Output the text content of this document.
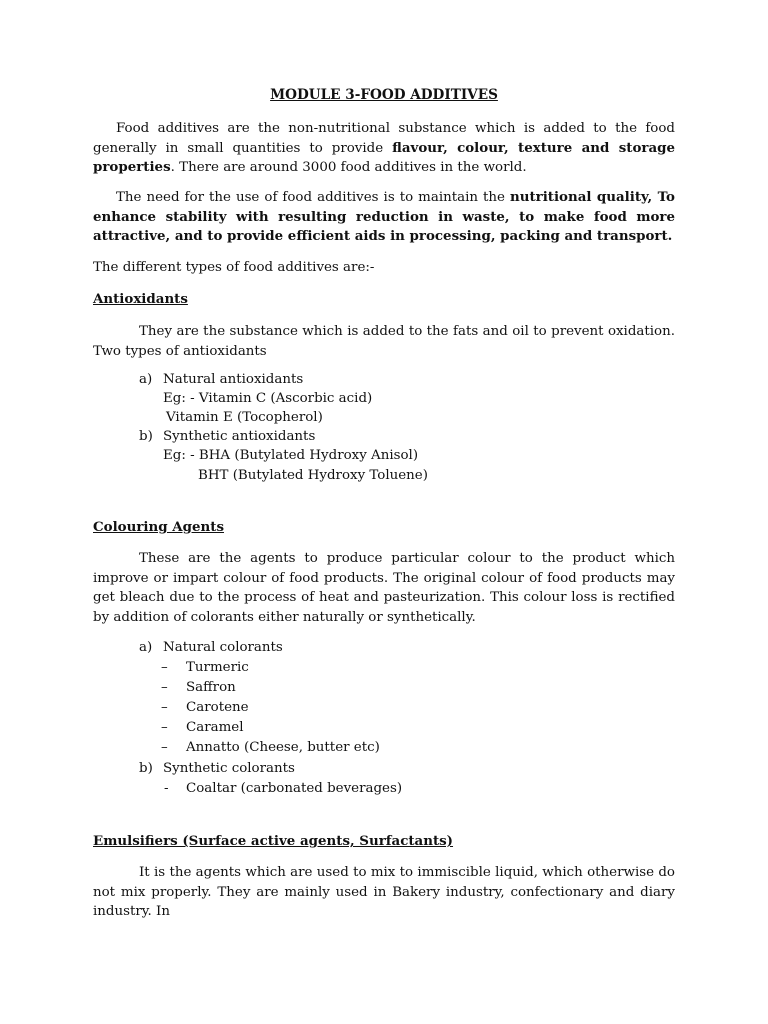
MODULE 3-FOOD ADDITIVES
Food additives are the non-nutritional substance which is added to the food generally in small quantities to provide flavour, colour, texture and storage properties. There are around 3000 food additives in the world.
The need for the use of food additives is to maintain the nutritional quality, To enhance stability with resulting reduction in waste, to make food more attractive, and to provide efficient aids in processing, packing and transport.
The different types of food additives are:-
Antioxidants
They are the substance which is added to the fats and oil to prevent oxidation. Two types of antioxidants
a) Natural antioxidants
Eg: - Vitamin C (Ascorbic acid)
Vitamin E (Tocopherol)
b) Synthetic antioxidants
Eg: - BHA (Butylated Hydroxy Anisol)
BHT (Butylated Hydroxy Toluene)
Colouring Agents
These are the agents to produce particular colour to the product which improve or impart colour of food products. The original colour of food products may get bleach due to the process of heat and pasteurization. This colour loss is rectified by addition of colorants either naturally or synthetically.
a) Natural colorants
– Turmeric
– Saffron
– Carotene
– Caramel
– Annatto (Cheese, butter etc)
b) Synthetic colorants
- Coaltar (carbonated beverages)
Emulsifiers (Surface active agents, Surfactants)
It is the agents which are used to mix to immiscible liquid, which otherwise do not mix properly. They are mainly used in Bakery industry, confectionary and diary industry. In
